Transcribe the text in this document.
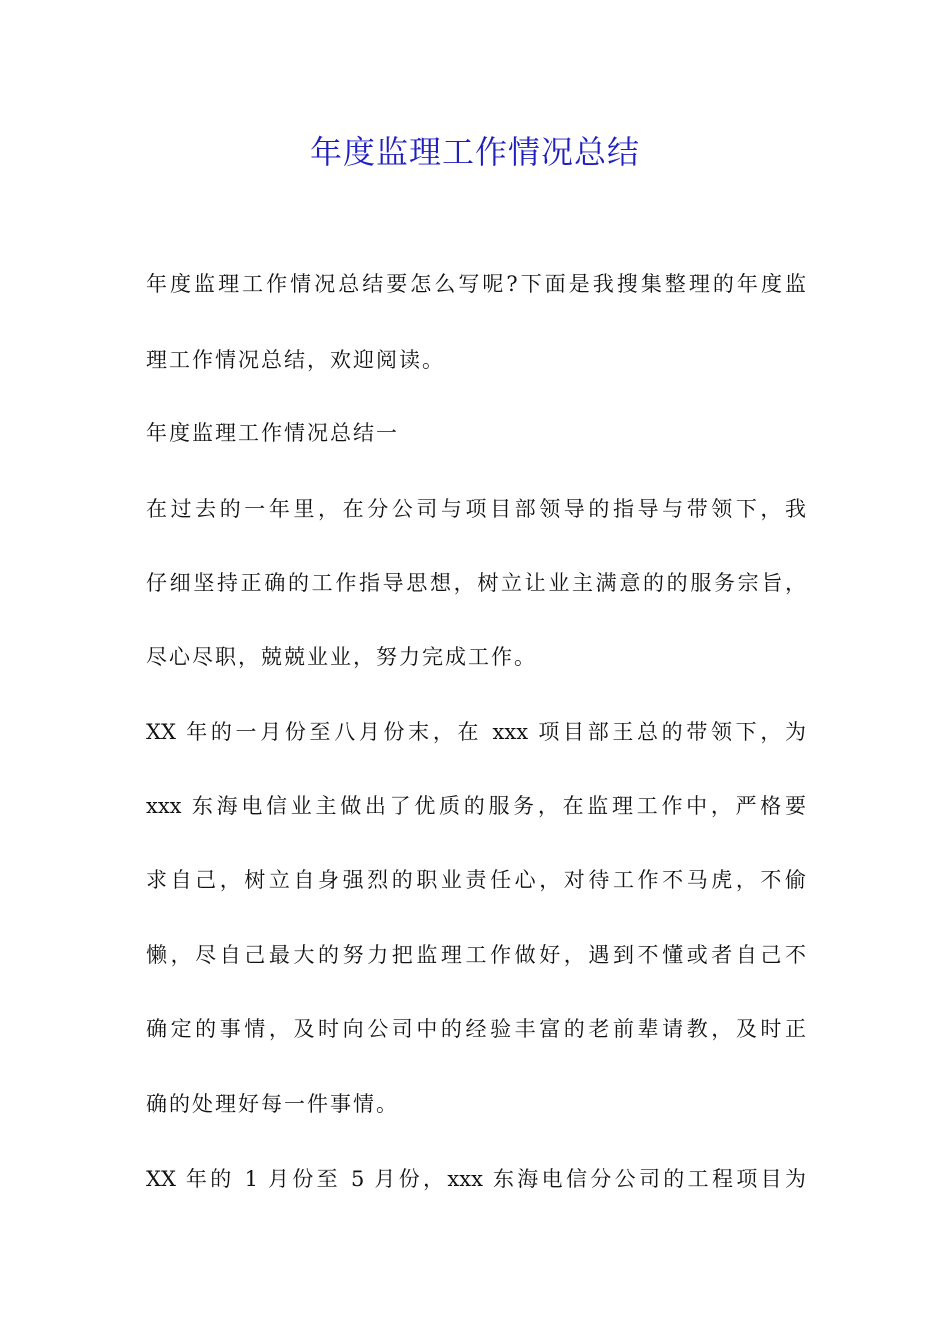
年度监理工作情况总结
年度监理工作情况总结要怎么写呢?下面是我搜集整理的年度监
理工作情况总结，欢迎阅读。
年度监理工作情况总结一
在过去的一年里，在分公司与项目部领导的指导与带领下，我
仔细坚持正确的工作指导思想，树立让业主满意的的服务宗旨，
尽心尽职，兢兢业业，努力完成工作。
XX 年的一月份至八月份末，在 xxx 项目部王总的带领下，为
xxx 东海电信业主做出了优质的服务，在监理工作中，严格要
求自己，树立自身强烈的职业责任心，对待工作不马虎，不偷
懒，尽自己最大的努力把监理工作做好，遇到不懂或者自己不
确定的事情，及时向公司中的经验丰富的老前辈请教，及时正
确的处理好每一件事情。
XX 年的 1 月份至 5 月份，xxx 东海电信分公司的工程项目为
